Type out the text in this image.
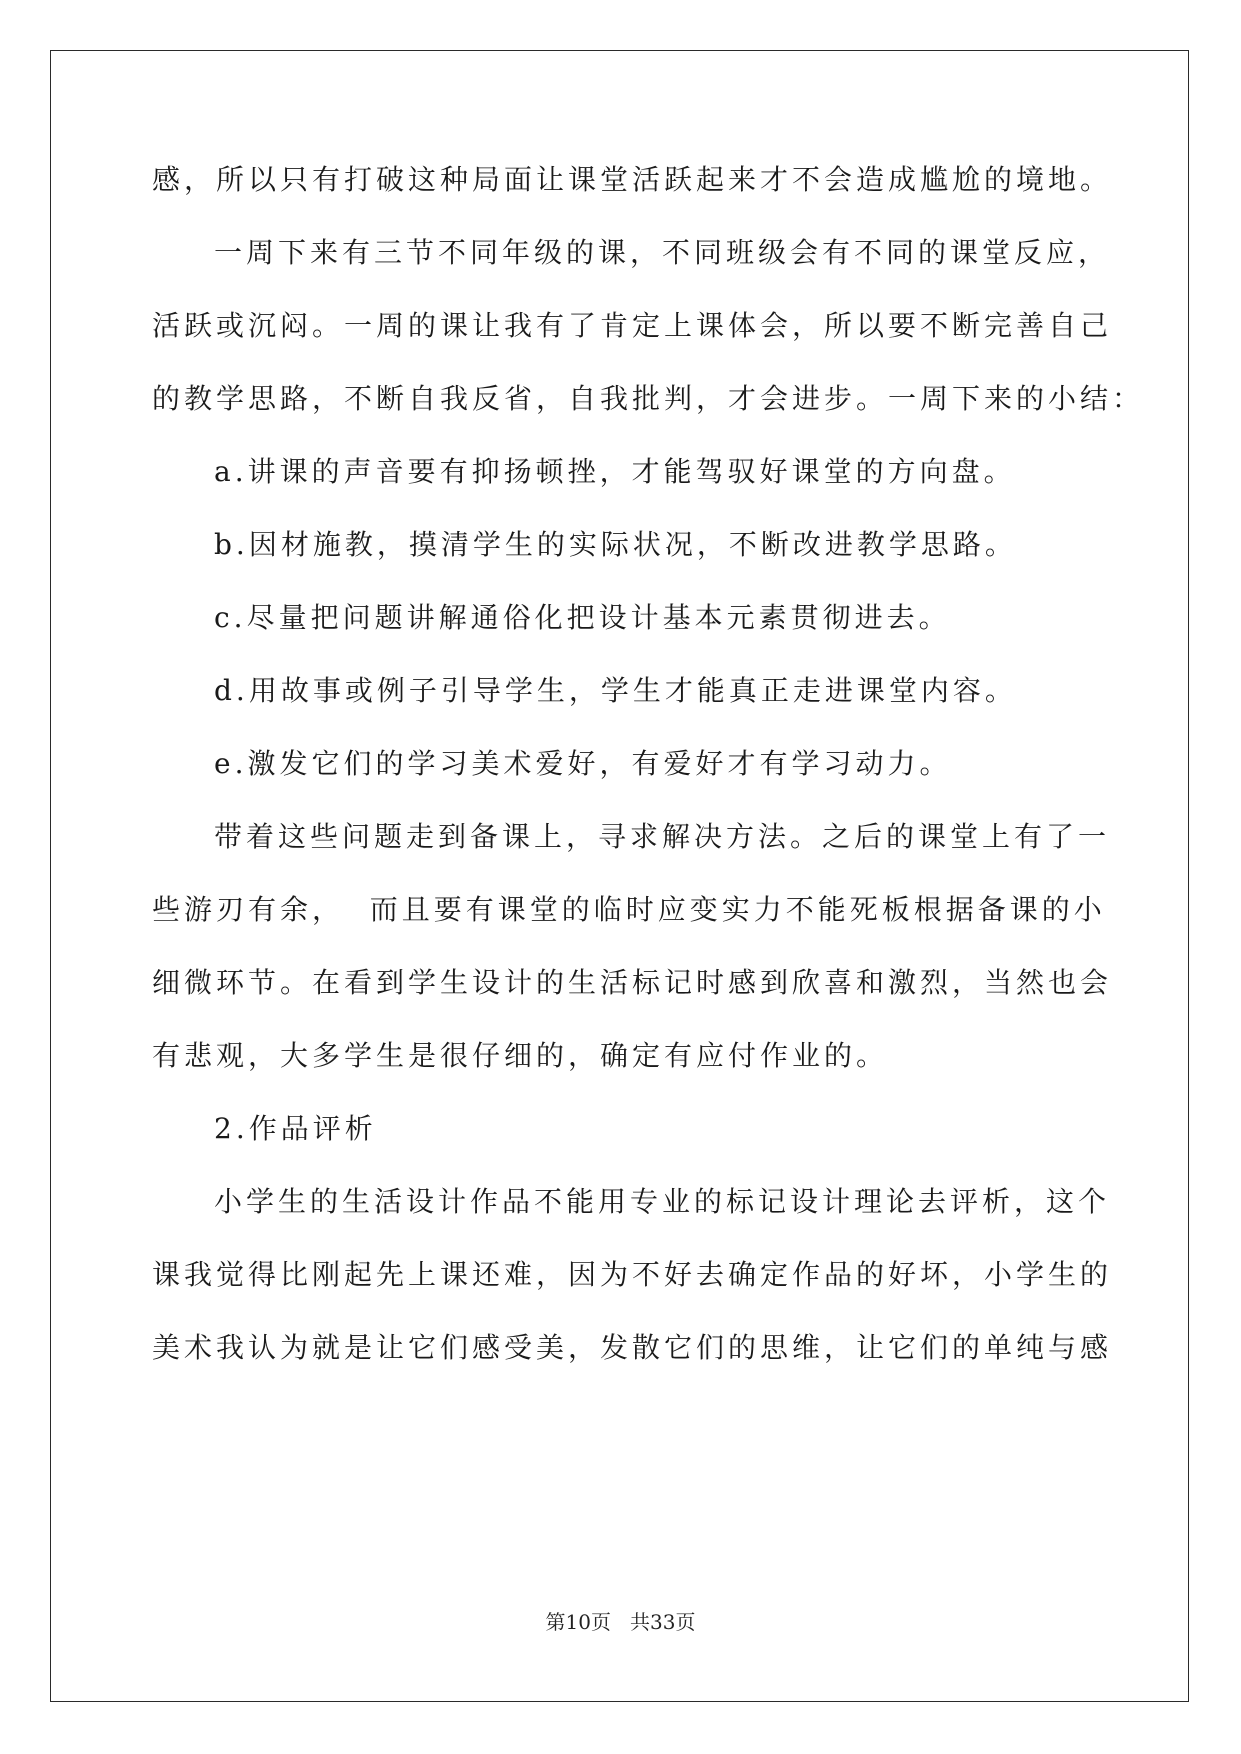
感，所以只有打破这种局面让课堂活跃起来才不会造成尴尬的境地。
一周下来有三节不同年级的课，不同班级会有不同的课堂反应，
活跃或沉闷。一周的课让我有了肯定上课体会，所以要不断完善自己
的教学思路，不断自我反省，自我批判，才会进步。一周下来的小结：
a.讲课的声音要有抑扬顿挫，才能驾驭好课堂的方向盘。
b.因材施教，摸清学生的实际状况，不断改进教学思路。
c.尽量把问题讲解通俗化把设计基本元素贯彻进去。
d.用故事或例子引导学生，学生才能真正走进课堂内容。
e.激发它们的学习美术爱好，有爱好才有学习动力。
带着这些问题走到备课上，寻求解决方法。之后的课堂上有了一
些游刃有余，  而且要有课堂的临时应变实力不能死板根据备课的小
细微环节。在看到学生设计的生活标记时感到欣喜和激烈，当然也会
有悲观，大多学生是很仔细的，确定有应付作业的。
2.作品评析
小学生的生活设计作品不能用专业的标记设计理论去评析，这个
课我觉得比刚起先上课还难，因为不好去确定作品的好坏，小学生的
美术我认为就是让它们感受美，发散它们的思维，让它们的单纯与感
第10页   共33页
